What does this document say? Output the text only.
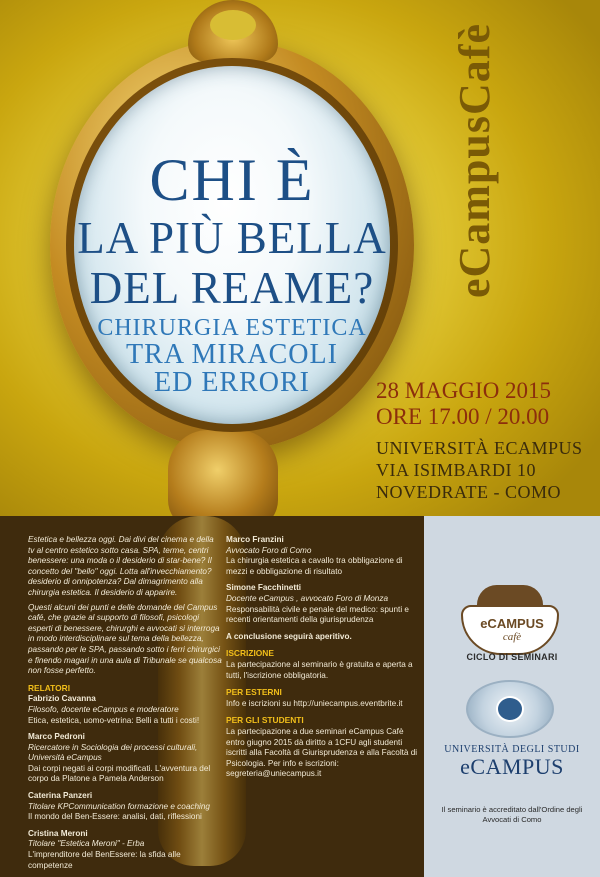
CHI È
LA PIÙ BELLA
DEL REAME?
CHIRURGIA ESTETICA
TRA MIRACOLI
ED ERRORI
eCampusCafè
28 MAGGIO 2015
ORE 17.00 / 20.00
UNIVERSITÀ ECAMPUS
VIA ISIMBARDI 10
NOVEDRATE - COMO

Estetica e bellezza oggi. Dai divi del cinema e della tv al centro estetico sotto casa. SPA, terme, centri benessere: una moda o il desiderio di star-bene? Il concetto del "bello" oggi. Lotta all'invecchiamento? desiderio di onnipotenza? Dal dimagrimento alla chirurgia estetica. Il desiderio di apparire.

Questi alcuni dei punti e delle domande del Campus café, che grazie al supporto di filosofi, psicologi esperti di benessere, chirurghi e avvocati si interroga in modo interdisciplinare sul tema della bellezza, passando per le SPA, passando sotto i ferri chirurgici e finendo magari in una aula di Tribunale se qualcosa non fosse perfetto.

RELATORI
Fabrizio Cavanna
Filosofo, docente eCampus e moderatore
Etica, estetica, uomo-vetrina: Belli a tutti i costi!
Marco Pedroni
Ricercatore in Sociologia dei processi culturali, Università eCampus
Dai corpi negati ai corpi modificati. L'avventura del corpo da Platone a Pamela Anderson
Caterina Panzeri
Titolare KPCommunication formazione e coaching
Il mondo del Ben-Essere: analisi, dati, riflessioni
Cristina Meroni
Titolare "Estetica Meroni" - Erba
L'imprenditore del BenEssere: la sfida alle competenze
Marco Franzini
Avvocato Foro di Como
La chirurgia estetica a cavallo tra obbligazione di mezzi e obbligazione di risultato
Simone Facchinetti
Docente eCampus , avvocato Foro di Monza
Responsabilità civile e penale del medico: spunti e recenti orientamenti della giurisprudenza
A conclusione seguirà aperitivo.
ISCRIZIONE
La partecipazione al seminario è gratuita e aperta a tutti, l'iscrizione obbligatoria.
PER ESTERNI
Info e iscrizioni su http://uniecampus.eventbrite.it
PER GLI STUDENTI
La partecipazione a due seminari eCampus Cafè entro giugno 2015 dà diritto a 1CFU agli studenti iscritti alla Facoltà di Giurisprudenza e alla Facoltà di Psicologia. Per info e iscrizioni:
segreteria@uniecampus.it
eCAMPUS
cafè
CICLO DI SEMINARI
UNIVERSITÀ DEGLI STUDI
eCAMPUS
Il seminario è accreditato dall'Ordine degli Avvocati di Como
